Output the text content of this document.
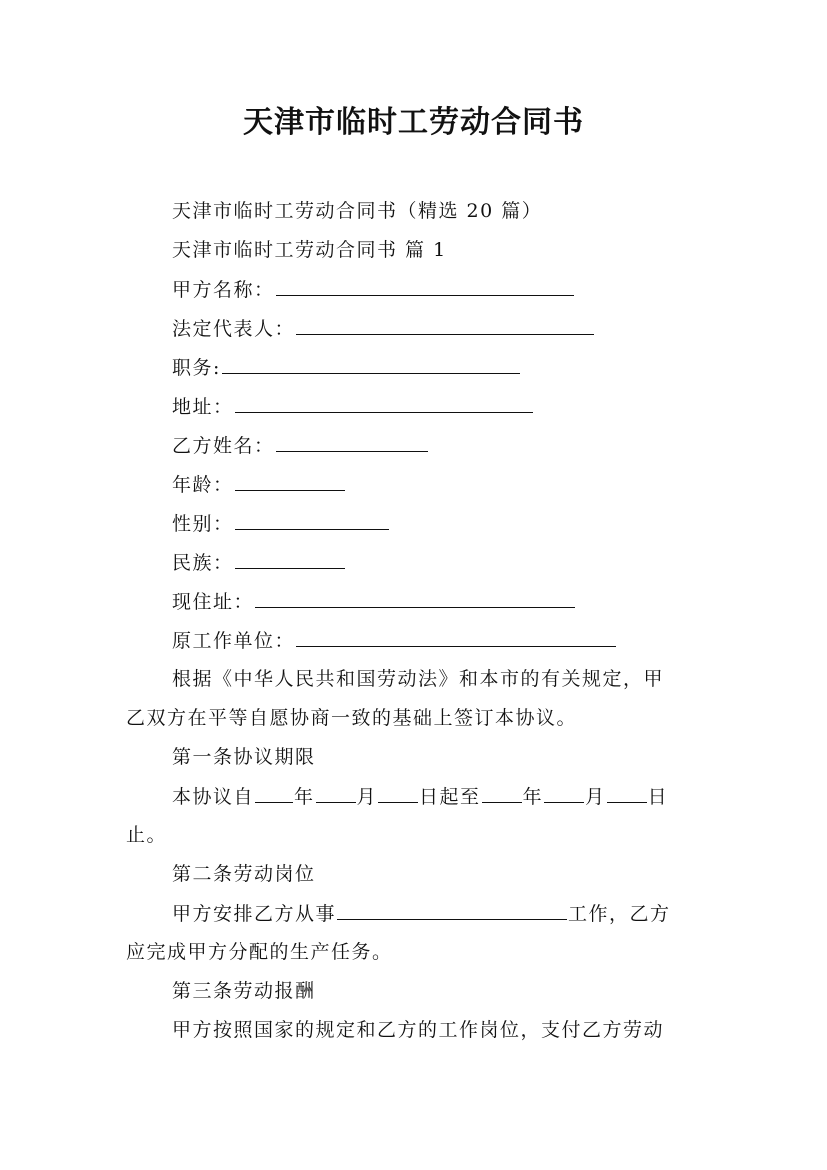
天津市临时工劳动合同书
天津市临时工劳动合同书（精选 20 篇）
天津市临时工劳动合同书 篇 1
甲方名称：
法定代表人：
职务:
地址：
乙方姓名：
年龄：
性别：
民族：
现住址：
原工作单位：
根据《中华人民共和国劳动法》和本市的有关规定，甲
乙双方在平等自愿协商一致的基础上签订本协议。
第一条协议期限
本协议自 年 月 日起至 年 月 日
止。
第二条劳动岗位
甲方安排乙方从事	工作，乙方
应完成甲方分配的生产任务。
第三条劳动报酬
甲方按照国家的规定和乙方的工作岗位，支付乙方劳动
